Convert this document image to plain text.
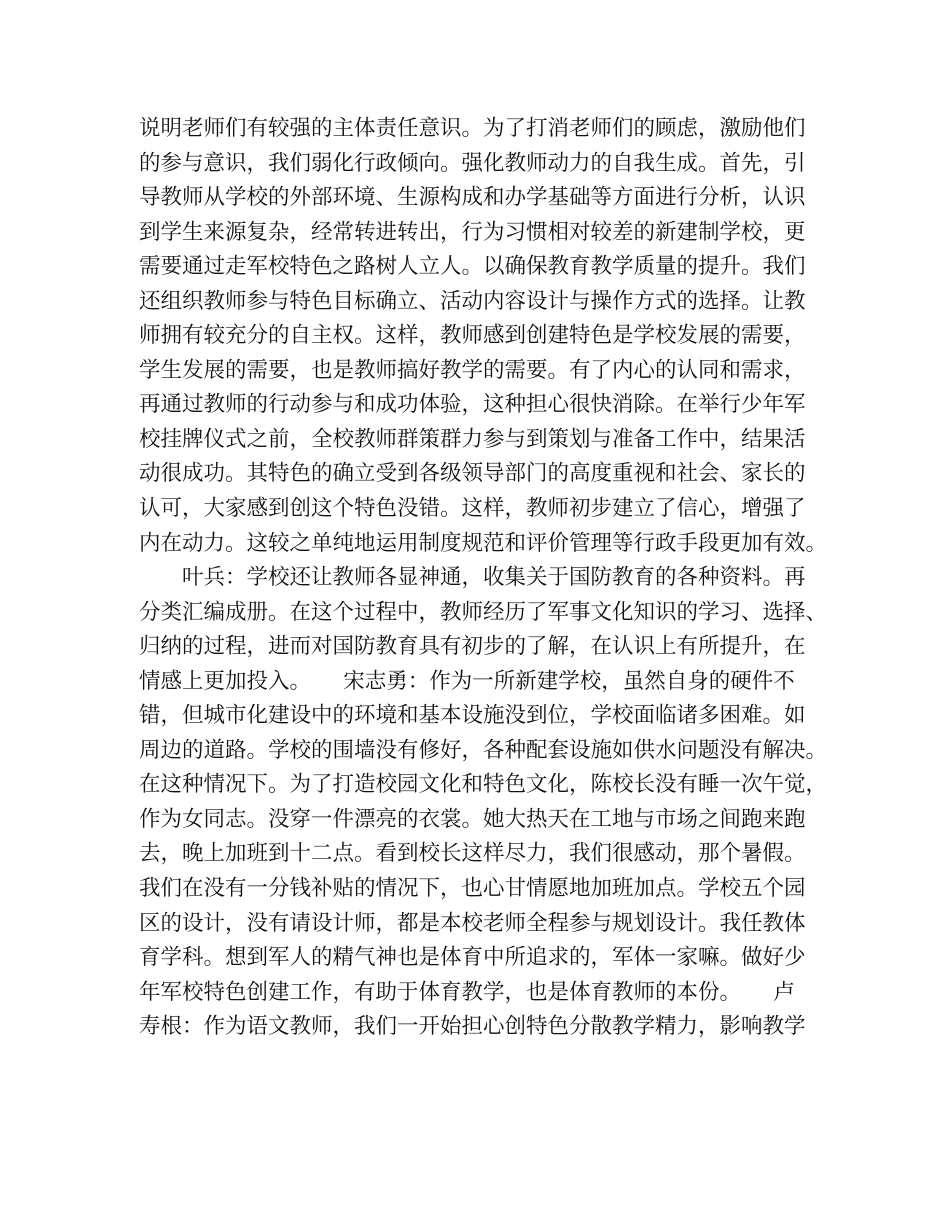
说明老师们有较强的主体责任意识。为了打消老师们的顾虑，激励他们
的参与意识，我们弱化行政倾向。强化教师动力的自我生成。首先，引
导教师从学校的外部环境、生源构成和办学基础等方面进行分析，认识
到学生来源复杂，经常转进转出，行为习惯相对较差的新建制学校，更
需要通过走军校特色之路树人立人。以确保教育教学质量的提升。我们
还组织教师参与特色目标确立、活动内容设计与操作方式的选择。让教
师拥有较充分的自主权。这样，教师感到创建特色是学校发展的需要，
学生发展的需要，也是教师搞好教学的需要。有了内心的认同和需求，
再通过教师的行动参与和成功体验，这种担心很快消除。在举行少年军
校挂牌仪式之前，全校教师群策群力参与到策划与准备工作中，结果活
动很成功。其特色的确立受到各级领导部门的高度重视和社会、家长的
认可，大家感到创这个特色没错。这样，教师初步建立了信心，增强了
内在动力。这较之单纯地运用制度规范和评价管理等行政手段更加有效。
　　叶兵：学校还让教师各显神通，收集关于国防教育的各种资料。再
分类汇编成册。在这个过程中，教师经历了军事文化知识的学习、选择、
归纳的过程，进而对国防教育具有初步的了解，在认识上有所提升，在
情感上更加投入。　　宋志勇：作为一所新建学校，虽然自身的硬件不
错，但城市化建设中的环境和基本设施没到位，学校面临诸多困难。如
周边的道路。学校的围墙没有修好，各种配套设施如供水问题没有解决。
在这种情况下。为了打造校园文化和特色文化，陈校长没有睡一次午觉，
作为女同志。没穿一件漂亮的衣裳。她大热天在工地与市场之间跑来跑
去，晚上加班到十二点。看到校长这样尽力，我们很感动，那个暑假。
我们在没有一分钱补贴的情况下，也心甘情愿地加班加点。学校五个园
区的设计，没有请设计师，都是本校老师全程参与规划设计。我任教体
育学科。想到军人的精气神也是体育中所追求的，军体一家嘛。做好少
年军校特色创建工作，有助于体育教学，也是体育教师的本份。　　卢
寿根：作为语文教师，我们一开始担心创特色分散教学精力，影响教学
